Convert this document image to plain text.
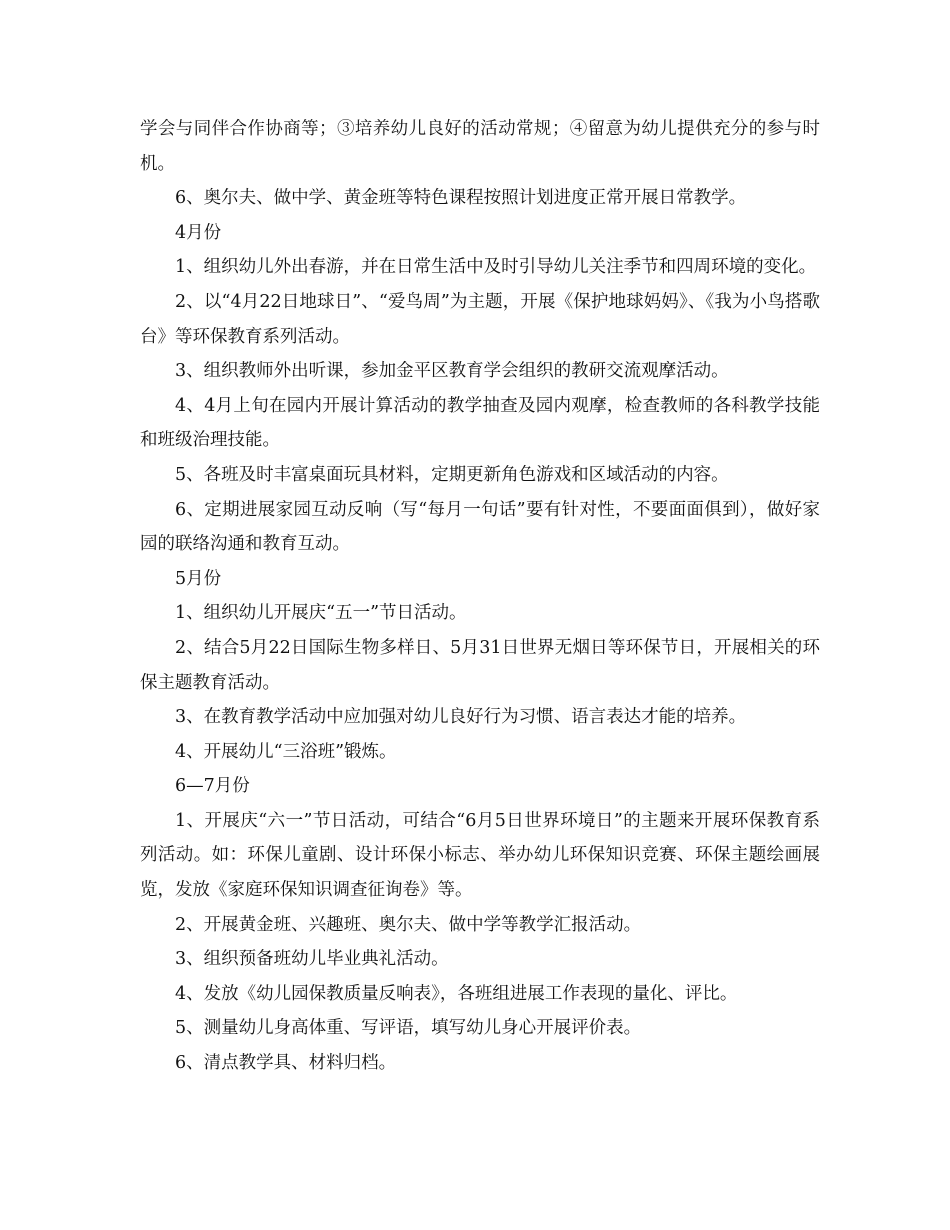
学会与同伴合作协商等；③培养幼儿良好的活动常规；④留意为幼儿提供充分的参与时机。

6、奥尔夫、做中学、黄金班等特色课程按照计划进度正常开展日常教学。

4月份

1、组织幼儿外出春游，并在日常生活中及时引导幼儿关注季节和四周环境的变化。

2、以“4月22日地球日”、“爱鸟周”为主题，开展《保护地球妈妈》、《我为小鸟搭歌台》等环保教育系列活动。

3、组织教师外出听课，参加金平区教育学会组织的教研交流观摩活动。

4、4月上旬在园内开展计算活动的教学抽查及园内观摩，检查教师的各科教学技能和班级治理技能。

5、各班及时丰富桌面玩具材料，定期更新角色游戏和区域活动的内容。

6、定期进展家园互动反响（写“每月一句话”要有针对性，不要面面俱到），做好家园的联络沟通和教育互动。

5月份

1、组织幼儿开展庆“五一”节日活动。

2、结合5月22日国际生物多样日、5月31日世界无烟日等环保节日，开展相关的环保主题教育活动。

3、在教育教学活动中应加强对幼儿良好行为习惯、语言表达才能的培养。

4、开展幼儿“三浴班”锻炼。

6—7月份

1、开展庆“六一”节日活动，可结合“6月5日世界环境日”的主题来开展环保教育系列活动。如：环保儿童剧、设计环保小标志、举办幼儿环保知识竞赛、环保主题绘画展览，发放《家庭环保知识调查征询卷》等。

2、开展黄金班、兴趣班、奥尔夫、做中学等教学汇报活动。

3、组织预备班幼儿毕业典礼活动。

4、发放《幼儿园保教质量反响表》，各班组进展工作表现的量化、评比。

5、测量幼儿身高体重、写评语，填写幼儿身心开展评价表。

6、清点教学具、材料归档。
